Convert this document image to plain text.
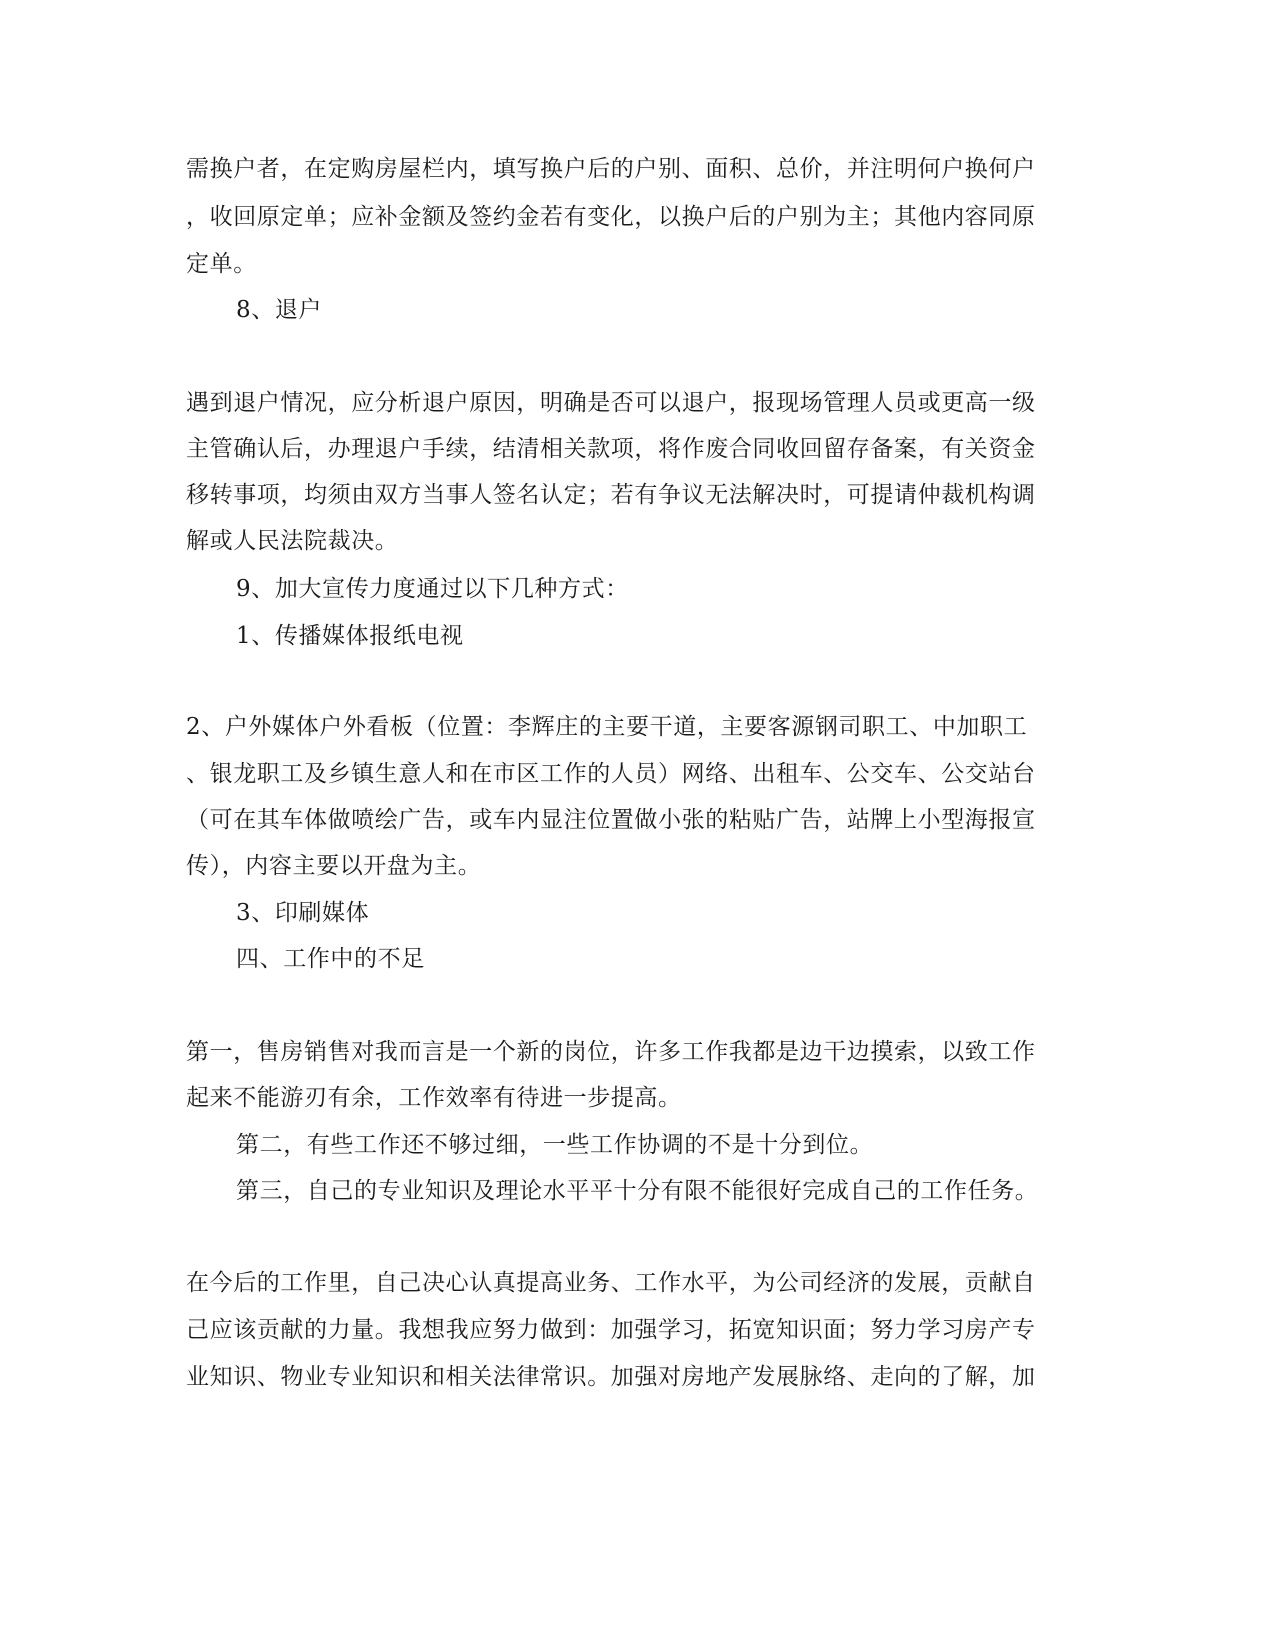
需换户者，在定购房屋栏内，填写换户后的户别、面积、总价，并注明何户换何户
，收回原定单；应补金额及签约金若有变化，以换户后的户别为主；其他内容同原
定单。
8、退户
遇到退户情况，应分析退户原因，明确是否可以退户，报现场管理人员或更高一级
主管确认后，办理退户手续，结清相关款项，将作废合同收回留存备案，有关资金
移转事项，均须由双方当事人签名认定；若有争议无法解决时，可提请仲裁机构调
解或人民法院裁决。
9、加大宣传力度通过以下几种方式：
1、传播媒体报纸电视
2、户外媒体户外看板（位置：李辉庄的主要干道，主要客源钢司职工、中加职工
、银龙职工及乡镇生意人和在市区工作的人员）网络、出租车、公交车、公交站台
（可在其车体做喷绘广告，或车内显注位置做小张的粘贴广告，站牌上小型海报宣
传），内容主要以开盘为主。
3、印刷媒体
四、工作中的不足
第一，售房销售对我而言是一个新的岗位，许多工作我都是边干边摸索，以致工作
起来不能游刃有余，工作效率有待进一步提高。
第二，有些工作还不够过细，一些工作协调的不是十分到位。
第三，自己的专业知识及理论水平平十分有限不能很好完成自己的工作任务。
在今后的工作里，自己决心认真提高业务、工作水平，为公司经济的发展，贡献自
己应该贡献的力量。我想我应努力做到：加强学习，拓宽知识面；努力学习房产专
业知识、物业专业知识和相关法律常识。加强对房地产发展脉络、走向的了解，加
